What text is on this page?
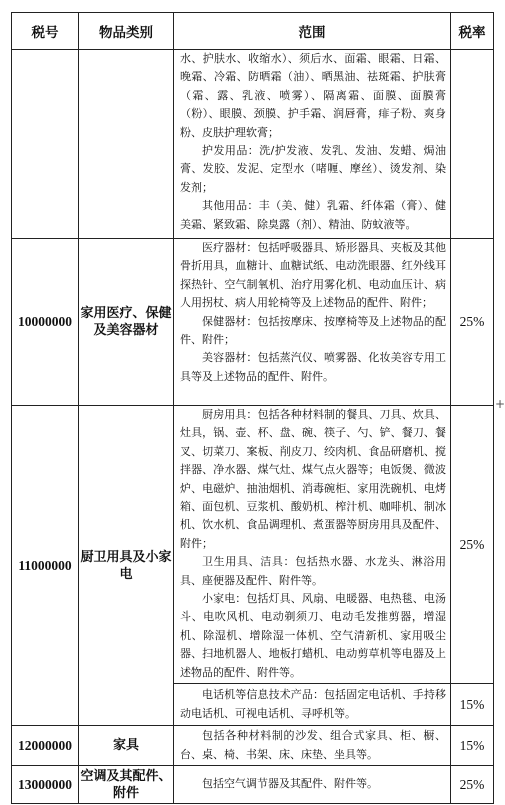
税号	物品类别	范围	税率

		水、护肤水、收缩水）、须后水、面霜、眼霜、日霜、晚霜、冷霜、防晒霜（油）、晒黑油、祛斑霜、护肤膏（霜、露、乳液、喷雾）、隔离霜、面膜、面膜膏（粉）、眼膜、颈膜、护手霜、润唇膏，痱子粉、爽身粉、皮肤护理软膏；

护发用品：洗/护发液、发乳、发油、发蜡、焗油膏、发胶、发泥、定型水（啫喱、摩丝）、烫发剂、染发剂；

其他用品：丰（美、健）乳霜、纤体霜（膏）、健美霜、紧致霜、除臭露（剂）、精油、防蚊液等。	

10000000	家用医疗、保健及美容器材	医疗器材：包括呼吸器具、矫形器具、夹板及其他骨折用具，血糖计、血糖试纸、电动洗眼器、红外线耳探热针、空气制氧机、治疗用雾化机、电动血压计、病人用拐杖、病人用轮椅等及上述物品的配件、附件；

保健器材：包括按摩床、按摩椅等及上述物品的配件、附件；

美容器材：包括蒸汽仪、喷雾器、化妆美容专用工具等及上述物品的配件、附件。	25%
11000000	厨卫用具及小家电	厨房用具：包括各种材料制的餐具、刀具、炊具、灶具，锅、壶、杯、盘、碗、筷子、勺、铲、餐刀、餐叉、切菜刀、案板、削皮刀、绞肉机、食品研磨机、搅拌器、净水器、煤气灶、煤气点火器等；电饭煲、微波炉、电磁炉、抽油烟机、消毒碗柜、家用洗碗机、电烤箱、面包机、豆浆机、酸奶机、榨汁机、咖啡机、制冰机、饮水机、食品调理机、煮蛋器等厨房用具及配件、附件；

卫生用具、洁具：包括热水器、水龙头、淋浴用具、座便器及配件、附件等。

小家电：包括灯具、风扇、电暖器、电热毯、电汤斗、电吹风机、电动剃须刀、电动毛发推剪器，增湿机、除湿机、增除湿一体机、空气清新机、家用吸尘器、扫地机器人、地板打蜡机、电动剪草机等电器及上述物品的配件、附件等。	25%

		电话机等信息技术产品：包括固定电话机、手持移动电话机、可视电话机、寻呼机等。	15%
12000000	家具	包括各种材料制的沙发、组合式家具、柜、橱、台、桌、椅、书架、床、床垫、坐具等。	15%
13000000	空调及其配件、附件	包括空气调节器及其配件、附件等。	25%
+
